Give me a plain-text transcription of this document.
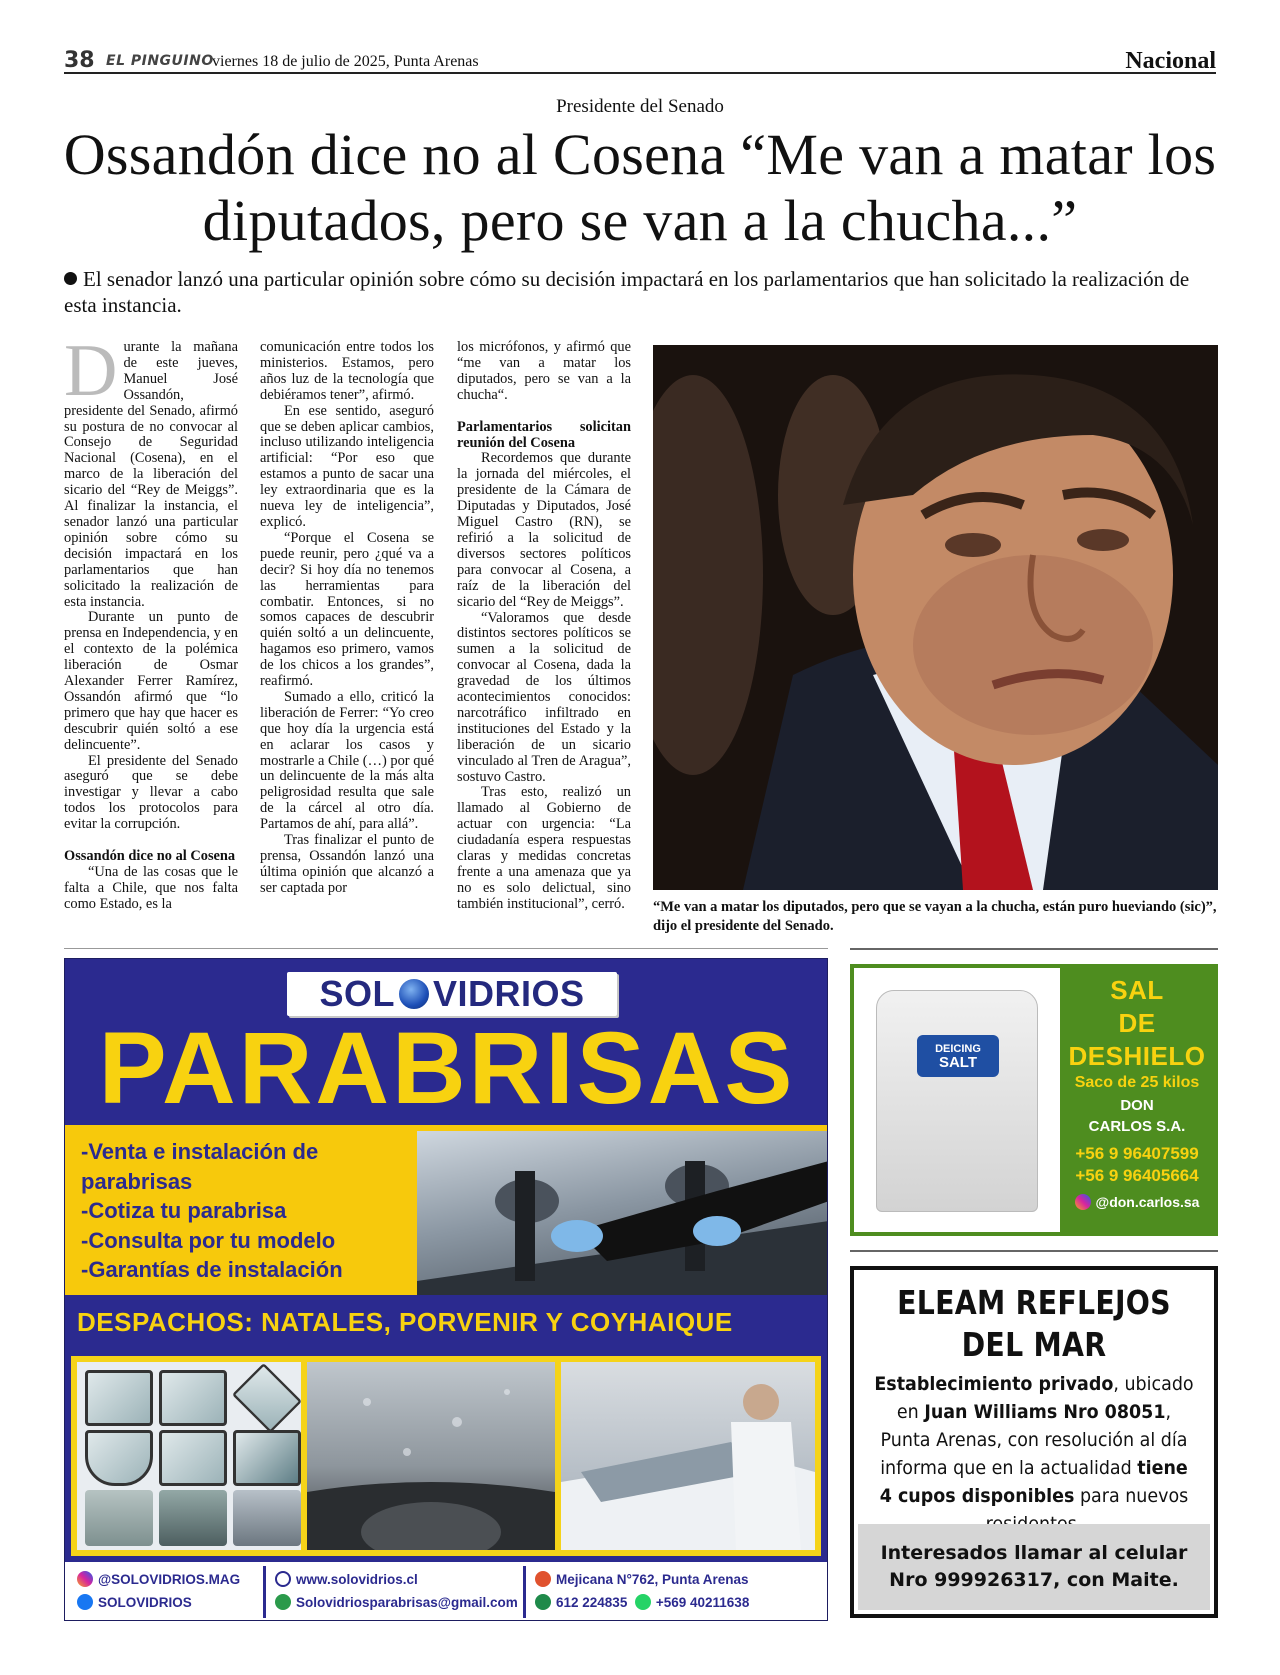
38 EL PINGUINO
viernes 18 de julio de 2025, Punta Arenas	Nacional
Presidente del Senado
Ossandón dice no al Cosena “Me van a matar los diputados, pero se van a la chucha...”
El senador lanzó una particular opinión sobre cómo su decisión impactará en los parlamentarios que han solicitado la realización de esta instancia.

Durante la mañana de este jueves, Manuel José Ossandón, presidente del Senado, afirmó su postura de no convocar al Consejo de Seguridad Nacional (Cosena), en el marco de la liberación del sicario del “Rey de Meiggs”. Al finalizar la instancia, el senador lanzó una particular opinión sobre cómo su decisión impactará en los parlamentarios que han solicitado la realización de esta instancia.

Durante un punto de prensa en Independencia, y en el contexto de la polémica liberación de Osmar Alexander Ferrer Ramírez, Ossandón afirmó que “lo primero que hay que hacer es descubrir quién soltó a ese delincuente”.

El presidente del Senado aseguró que se debe investigar y llevar a cabo todos los protocolos para evitar la corrupción.

Ossandón dice no al Cosena

“Una de las cosas que le falta a Chile, que nos falta como Estado, es la

comunicación entre todos los ministerios. Estamos, pero años luz de la tecnología que debiéramos tener”, afirmó.

En ese sentido, aseguró que se deben aplicar cambios, incluso utilizando inteligencia artificial: “Por eso que estamos a punto de sacar una ley extraordinaria que es la nueva ley de inteligencia”, explicó.

“Porque el Cosena se puede reunir, pero ¿qué va a decir? Si hoy día no tenemos las herramientas para combatir. Entonces, si no somos capaces de descubrir quién soltó a un delincuente, hagamos eso primero, vamos de los chicos a los grandes”, reafirmó.

Sumado a ello, criticó la liberación de Ferrer: “Yo creo que hoy día la urgencia está en aclarar los casos y mostrarle a Chile (…) por qué un delincuente de la más alta peligrosidad resulta que sale de la cárcel al otro día. Partamos de ahí, para allá”.

Tras finalizar el punto de prensa, Ossandón lanzó una última opinión que alcanzó a ser captada por

los micrófonos, y afirmó que “me van a matar los diputados, pero se van a la chucha“.

Parlamentarios solicitan reunión del Cosena

Recordemos que durante la jornada del miércoles, el presidente de la Cámara de Diputadas y Diputados, José Miguel Castro (RN), se refirió a la solicitud de diversos sectores políticos para convocar al Cosena, a raíz de la liberación del sicario del “Rey de Meiggs”.

“Valoramos que desde distintos sectores políticos se sumen a la solicitud de convocar al Cosena, dada la gravedad de los últimos acontecimientos conocidos: narcotráfico infiltrado en instituciones del Estado y la liberación de un sicario vinculado al Tren de Aragua”, sostuvo Castro.

Tras esto, realizó un llamado al Gobierno de actuar con urgencia: “La ciudadanía espera respuestas claras y medidas concretas frente a una amenaza que ya no es solo delictual, sino también institucional”, cerró.	“Me van a matar los diputados, pero que se vayan a la chucha, están puro hueviando (sic)”, dijo el presidente del Senado.
SOL VIDRIOS
PARABRISAS
-Venta e instalación de
parabrisas
-Cotiza tu parabrisa
-Consulta por tu modelo
-Garantías de instalación
DESPACHOS: NATALES, PORVENIR Y COYHAIQUE
@SOLOVIDRIOS.MAG
SOLOVIDRIOS
www.solovidrios.cl
Solovidriosparabrisas@gmail.com
Mejicana N°762, Punta Arenas
612 224835 +569 40211638
DEICING
SALT
SAL
DE
DESHIELO
Saco de 25 kilos
DON
CARLOS S.A.
+56 9 96407599
+56 9 96405664
@don.carlos.sa
ELEAM REFLEJOS
DEL MAR
Establecimiento privado, ubicado en Juan Williams Nro 08051, Punta Arenas, con resolución al día informa que en la actualidad tiene 4 cupos disponibles para nuevos
Interesados llamar al celular
Nro 999926317, con Maite.
